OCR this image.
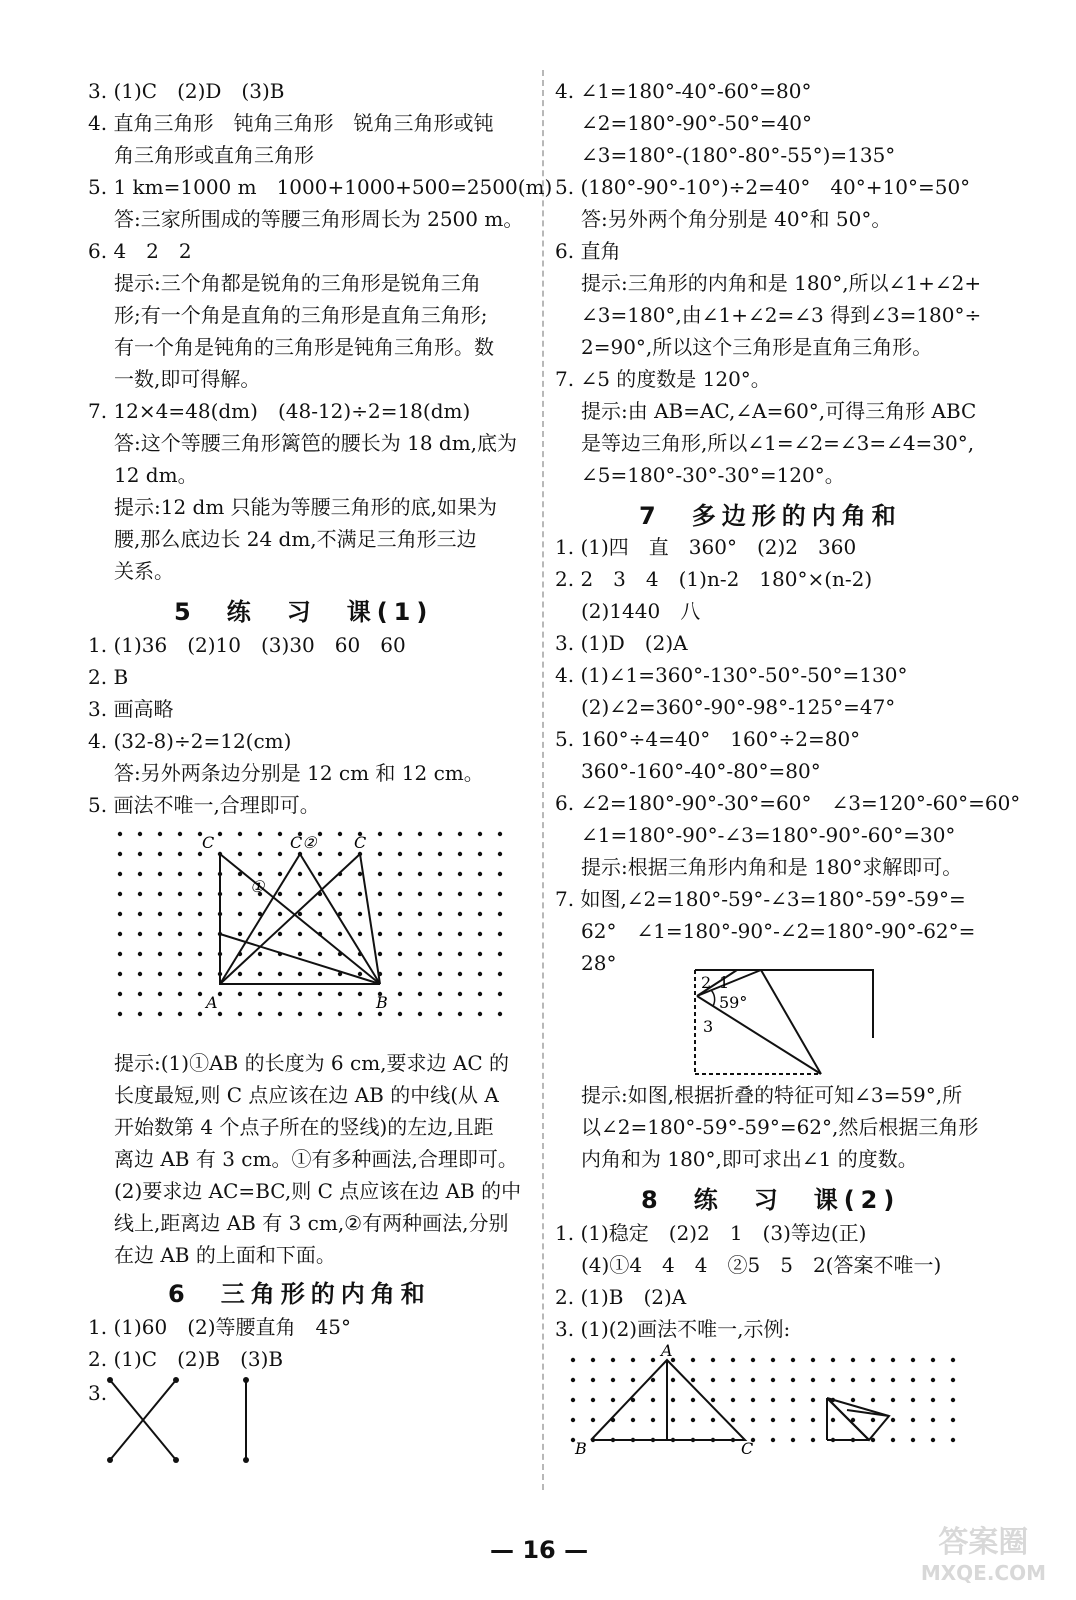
3. (1)C　(2)D　(3)B
4. 直角三角形　钝角三角形　锐角三角形或钝
角三角形或直角三角形
5. 1 km=1000 m　1000+1000+500=2500(m)
答:三家所围成的等腰三角形周长为 2500 m。
6. 4　2　2
提示:三个角都是锐角的三角形是锐角三角
形;有一个角是直角的三角形是直角三角形;
有一个角是钝角的三角形是钝角三角形。数
一数,即可得解。
7. 12×4=48(dm)　(48-12)÷2=18(dm)
答:这个等腰三角形篱笆的腰长为 18 dm,底为
12 dm。
提示:12 dm 只能为等腰三角形的底,如果为
腰,那么底边长 24 dm,不满足三角形三边
关系。
5　练　习　课(1)
1. (1)36　(2)10　(3)30　60　60
2. B
3. 画高略
4. (32-8)÷2=12(cm)
答:另外两条边分别是 12 cm 和 12 cm。
5. 画法不唯一,合理即可。
C	C② C
①
A	B
提示:(1)①AB 的长度为 6 cm,要求边 AC 的
长度最短,则 C 点应该在边 AB 的中线(从 A
开始数第 4 个点子所在的竖线)的左边,且距
离边 AB 有 3 cm。①有多种画法,合理即可。
(2)要求边 AC=BC,则 C 点应该在边 AB 的中
线上,距离边 AB 有 3 cm,②有两种画法,分别
在边 AB 的上面和下面。
6　三角形的内角和
1. (1)60　(2)等腰直角　45°
2. (1)C　(2)B　(3)B
3.
4. ∠1=180°-40°-60°=80°
∠2=180°-90°-50°=40°
∠3=180°-(180°-80°-55°)=135°
5. (180°-90°-10°)÷2=40°　40°+10°=50°
答:另外两个角分别是 40°和 50°。
6. 直角
提示:三角形的内角和是 180°,所以∠1+∠2+
∠3=180°,由∠1+∠2=∠3 得到∠3=180°÷
2=90°,所以这个三角形是直角三角形。
7. ∠5 的度数是 120°。
提示:由 AB=AC,∠A=60°,可得三角形 ABC
是等边三角形,所以∠1=∠2=∠3=∠4=30°,
∠5=180°-30°-30°=120°。
7　多边形的内角和
1. (1)四　直　360°　(2)2　360
2. 2　3　4　(1)n-2　180°×(n-2)
(2)1440　八
3. (1)D　(2)A
4. (1)∠1=360°-130°-50°-50°=130°
(2)∠2=360°-90°-98°-125°=47°
5. 160°÷4=40°　160°÷2=80°
360°-160°-40°-80°=80°
6. ∠2=180°-90°-30°=60°　∠3=120°-60°=60°
∠1=180°-90°-∠3=180°-90°-60°=30°
提示:根据三角形内角和是 180°求解即可。
7. 如图,∠2=180°-59°-∠3=180°-59°-59°=
62°　∠1=180°-90°-∠2=180°-90°-62°=
28°
2 1
59°
3
提示:如图,根据折叠的特征可知∠3=59°,所
以∠2=180°-59°-59°=62°,然后根据三角形
内角和为 180°,即可求出∠1 的度数。
8　练　习　课(2)
1. (1)稳定　(2)2　1　(3)等边(正)
(4)①4　4　4　②5　5　2(答案不唯一)
2. (1)B　(2)A
3. (1)(2)画法不唯一,示例:
A
B	C
— 16 —	答案圈
MXQE.COM
